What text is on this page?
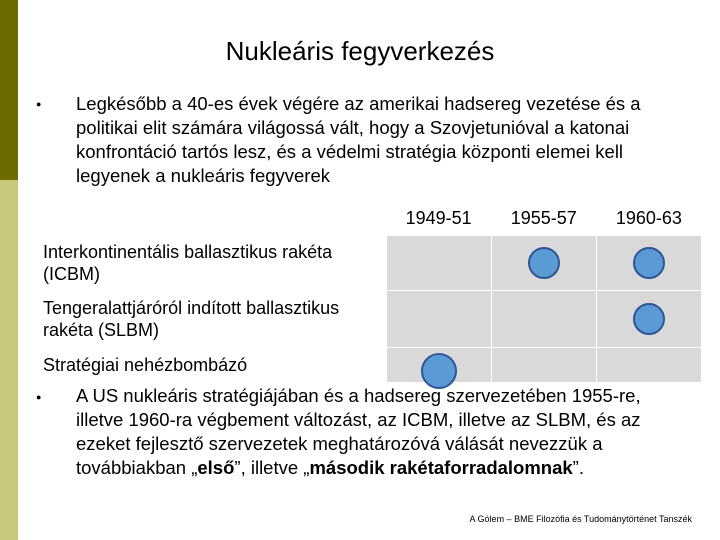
Nukleáris fegyverkezés
● Legkésőbb a 40-es évek végére az amerikai hadsereg vezetése és a politikai elit számára világossá vált, hogy a Szovjetunióval a katonai konfrontáció tartós lesz, és a védelmi stratégia központi elemei kell legyenek a nukleáris fegyverek
	1949-51	1955-57	1960-63
Interkontinentális ballasztikus rakéta (ICBM)			
Tengeralattjáróról indított ballasztikus rakéta (SLBM)			
Stratégiai nehézbombázó			
● A US nukleáris stratégiájában és a hadsereg szervezetében 1955-re, illetve 1960-ra végbement változást, az ICBM, illetve az SLBM, és az ezeket fejlesztő szervezetek meghatározóvá válását nevezzük a továbbiakban „első”, illetve „második rakétaforradalomnak”.
A Gólem – BME Filozófia és Tudománytörténet Tanszék
